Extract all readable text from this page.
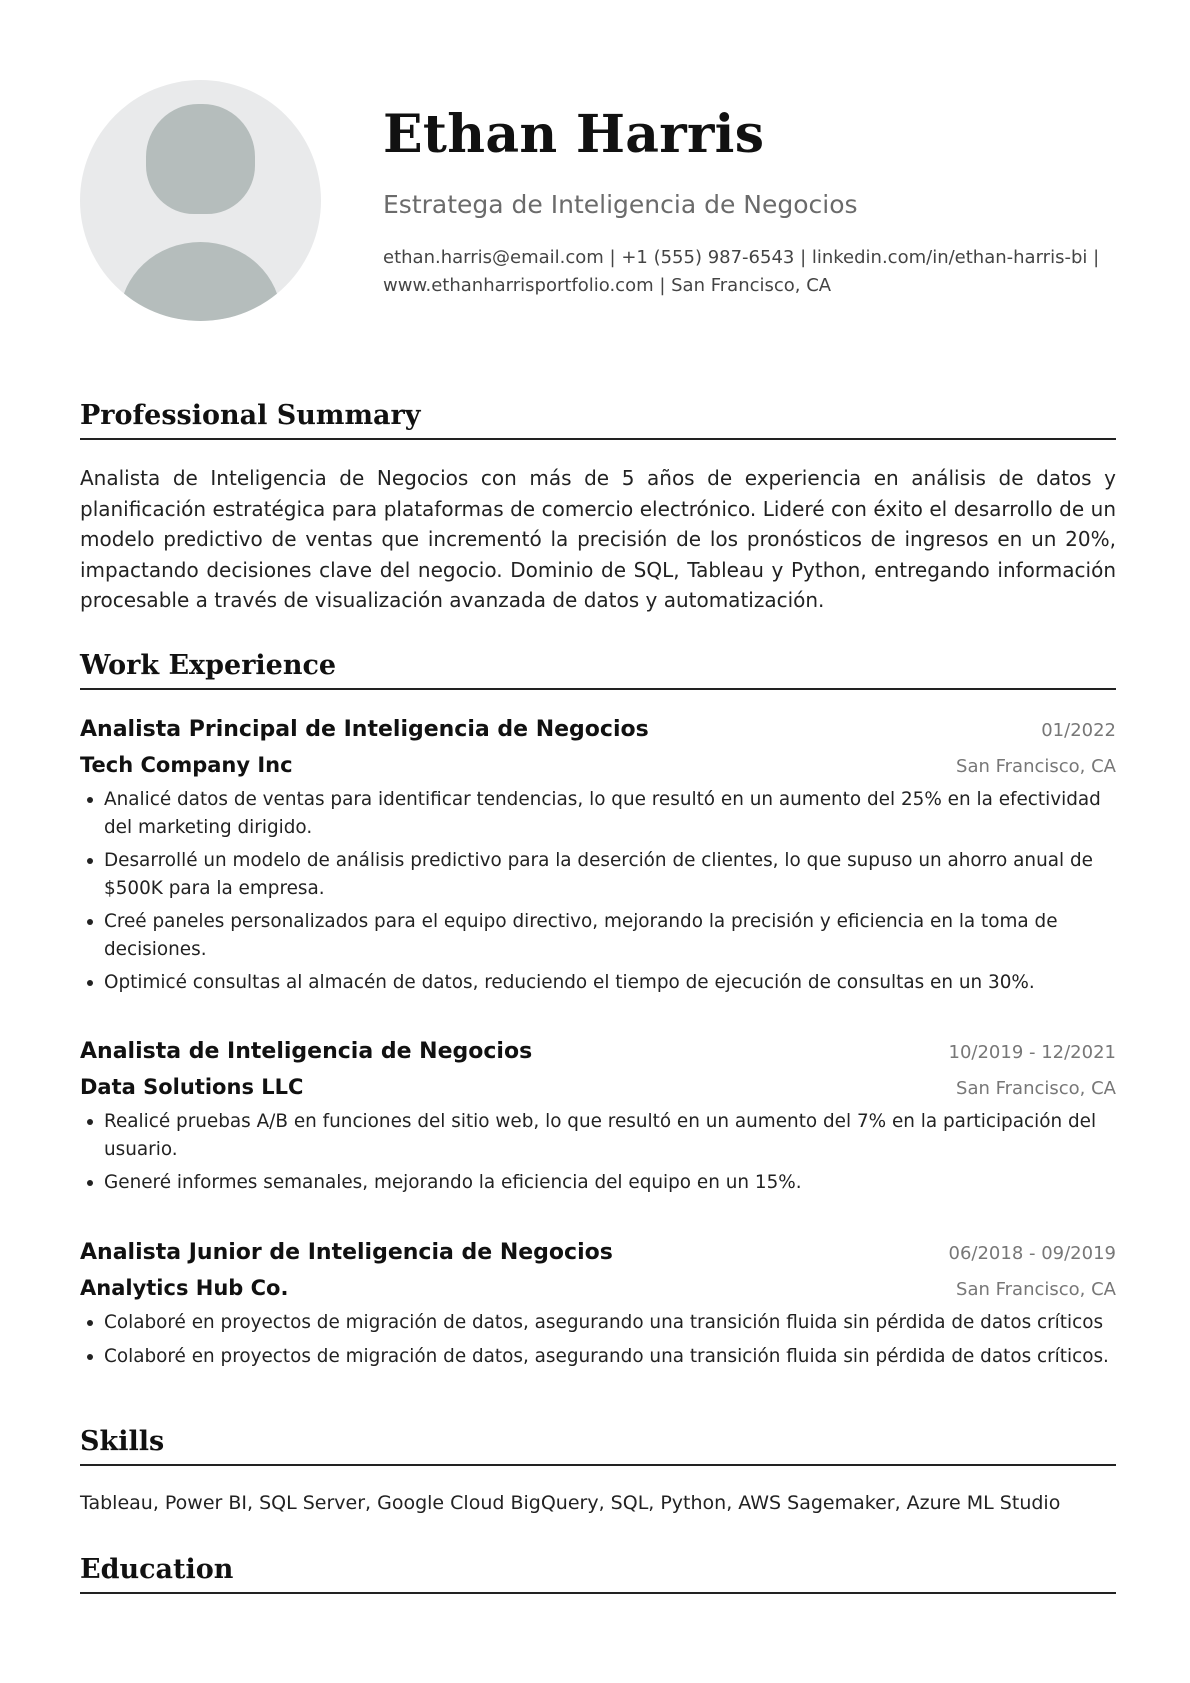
Ethan Harris

Estratega de Inteligencia de Negocios

ethan.harris@email.com | +1 (555) 987-6543 | linkedin.com/in/ethan-harris-bi | www.ethanharrisportfolio.com | San Francisco, CA

Professional Summary

Analista de Inteligencia de Negocios con más de 5 años de experiencia en análisis de datos y planificación estratégica para plataformas de comercio electrónico. Lideré con éxito el desarrollo de un modelo predictivo de ventas que incrementó la precisión de los pronósticos de ingresos en un 20%, impactando decisiones clave del negocio. Dominio de SQL, Tableau y Python, entregando información procesable a través de visualización avanzada de datos y automatización.

Work Experience
Analista Principal de Inteligencia de Negocios	01/2022
Tech Company Inc	San Francisco, CA
Analicé datos de ventas para identificar tendencias, lo que resultó en un aumento del 25% en la efectividad del marketing dirigido.
Desarrollé un modelo de análisis predictivo para la deserción de clientes, lo que supuso un ahorro anual de $500K para la empresa.
Creé paneles personalizados para el equipo directivo, mejorando la precisión y eficiencia en la toma de decisiones.
Optimicé consultas al almacén de datos, reduciendo el tiempo de ejecución de consultas en un 30%.
Analista de Inteligencia de Negocios	10/2019 - 12/2021
Data Solutions LLC	San Francisco, CA
Realicé pruebas A/B en funciones del sitio web, lo que resultó en un aumento del 7% en la participación del usuario.
Generé informes semanales, mejorando la eficiencia del equipo en un 15%.
Analista Junior de Inteligencia de Negocios	06/2018 - 09/2019
Analytics Hub Co.	San Francisco, CA
Colaboré en proyectos de migración de datos, asegurando una transición fluida sin pérdida de datos críticos
Colaboré en proyectos de migración de datos, asegurando una transición fluida sin pérdida de datos críticos.
Skills

Tableau, Power BI, SQL Server, Google Cloud BigQuery, SQL, Python, AWS Sagemaker, Azure ML Studio

Education
